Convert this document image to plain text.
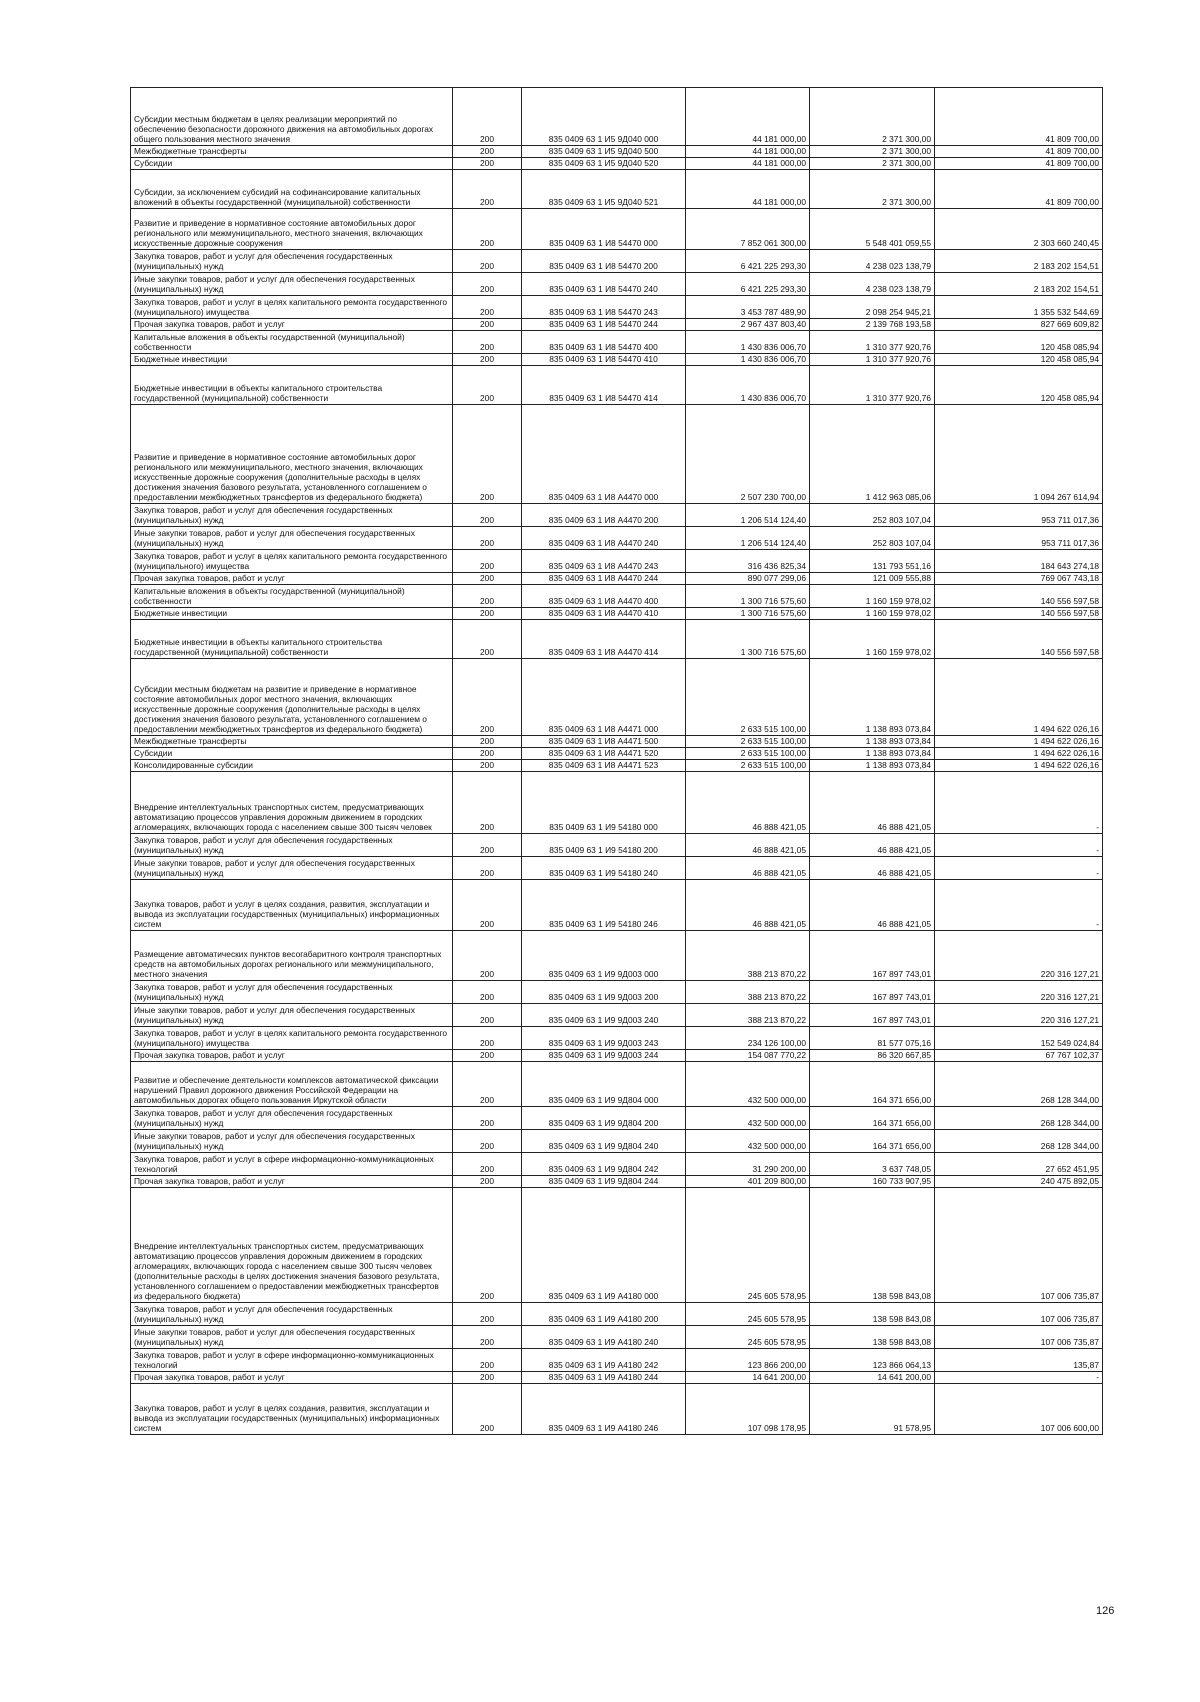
Субсидии местным бюджетам в целях реализации мероприятий по обеспечению безопасности дорожного движения на автомобильных дорогах общего пользования местного значения	200	835 0409 63 1 И5 9Д040 000	44 181 000,00	2 371 300,00	41 809 700,00
Межбюджетные трансферты	200	835 0409 63 1 И5 9Д040 500	44 181 000,00	2 371 300,00	41 809 700,00
Субсидии	200	835 0409 63 1 И5 9Д040 520	44 181 000,00	2 371 300,00	41 809 700,00
Субсидии, за исключением субсидий на софинансирование капитальных вложений в объекты государственной (муниципальной) собственности	200	835 0409 63 1 И5 9Д040 521	44 181 000,00	2 371 300,00	41 809 700,00
Развитие и приведение в нормативное состояние автомобильных дорог регионального или межмуниципального, местного значения, включающих искусственные дорожные сооружения	200	835 0409 63 1 И8 54470 000	7 852 061 300,00	5 548 401 059,55	2 303 660 240,45
Закупка товаров, работ и услуг для обеспечения государственных (муниципальных) нужд	200	835 0409 63 1 И8 54470 200	6 421 225 293,30	4 238 023 138,79	2 183 202 154,51
Иные закупки товаров, работ и услуг для обеспечения государственных (муниципальных) нужд	200	835 0409 63 1 И8 54470 240	6 421 225 293,30	4 238 023 138,79	2 183 202 154,51
Закупка товаров, работ и услуг в целях капитального ремонта государственного (муниципального) имущества	200	835 0409 63 1 И8 54470 243	3 453 787 489,90	2 098 254 945,21	1 355 532 544,69
Прочая закупка товаров, работ и услуг	200	835 0409 63 1 И8 54470 244	2 967 437 803,40	2 139 768 193,58	827 669 609,82
Капитальные вложения в объекты государственной (муниципальной) собственности	200	835 0409 63 1 И8 54470 400	1 430 836 006,70	1 310 377 920,76	120 458 085,94
Бюджетные инвестиции	200	835 0409 63 1 И8 54470 410	1 430 836 006,70	1 310 377 920,76	120 458 085,94
Бюджетные инвестиции в объекты капитального строительства государственной (муниципальной) собственности	200	835 0409 63 1 И8 54470 414	1 430 836 006,70	1 310 377 920,76	120 458 085,94
Развитие и приведение в нормативное состояние автомобильных дорог регионального или межмуниципального, местного значения, включающих искусственные дорожные сооружения (дополнительные расходы в целях достижения значения базового результата, установленного соглашением о предоставлении межбюджетных трансфертов из федерального бюджета)	200	835 0409 63 1 И8 А4470 000	2 507 230 700,00	1 412 963 085,06	1 094 267 614,94
Закупка товаров, работ и услуг для обеспечения государственных (муниципальных) нужд	200	835 0409 63 1 И8 А4470 200	1 206 514 124,40	252 803 107,04	953 711 017,36
Иные закупки товаров, работ и услуг для обеспечения государственных (муниципальных) нужд	200	835 0409 63 1 И8 А4470 240	1 206 514 124,40	252 803 107,04	953 711 017,36
Закупка товаров, работ и услуг в целях капитального ремонта государственного (муниципального) имущества	200	835 0409 63 1 И8 А4470 243	316 436 825,34	131 793 551,16	184 643 274,18
Прочая закупка товаров, работ и услуг	200	835 0409 63 1 И8 А4470 244	890 077 299,06	121 009 555,88	769 067 743,18
Капитальные вложения в объекты государственной (муниципальной) собственности	200	835 0409 63 1 И8 А4470 400	1 300 716 575,60	1 160 159 978,02	140 556 597,58
Бюджетные инвестиции	200	835 0409 63 1 И8 А4470 410	1 300 716 575,60	1 160 159 978,02	140 556 597,58
Бюджетные инвестиции в объекты капитального строительства государственной (муниципальной) собственности	200	835 0409 63 1 И8 А4470 414	1 300 716 575,60	1 160 159 978,02	140 556 597,58
Субсидии местным бюджетам на развитие и приведение в нормативное состояние автомобильных дорог местного значения, включающих искусственные дорожные сооружения (дополнительные расходы в целях достижения значения базового результата, установленного соглашением о предоставлении межбюджетных трансфертов из федерального бюджета)	200	835 0409 63 1 И8 А4471 000	2 633 515 100,00	1 138 893 073,84	1 494 622 026,16
Межбюджетные трансферты	200	835 0409 63 1 И8 А4471 500	2 633 515 100,00	1 138 893 073,84	1 494 622 026,16
Субсидии	200	835 0409 63 1 И8 А4471 520	2 633 515 100,00	1 138 893 073,84	1 494 622 026,16
Консолидированные субсидии	200	835 0409 63 1 И8 А4471 523	2 633 515 100,00	1 138 893 073,84	1 494 622 026,16
Внедрение интеллектуальных транспортных систем, предусматривающих автоматизацию процессов управления дорожным движением в городских агломерациях, включающих города с населением свыше 300 тысяч человек	200	835 0409 63 1 И9 54180 000	46 888 421,05	46 888 421,05	-
Закупка товаров, работ и услуг для обеспечения государственных (муниципальных) нужд	200	835 0409 63 1 И9 54180 200	46 888 421,05	46 888 421,05	-
Иные закупки товаров, работ и услуг для обеспечения государственных (муниципальных) нужд	200	835 0409 63 1 И9 54180 240	46 888 421,05	46 888 421,05	-
Закупка товаров, работ и услуг в целях создания, развития, эксплуатации и вывода из эксплуатации государственных (муниципальных) информационных систем	200	835 0409 63 1 И9 54180 246	46 888 421,05	46 888 421,05	-
Размещение автоматических пунктов весогабаритного контроля транспортных средств на автомобильных дорогах регионального или межмуниципального, местного значения	200	835 0409 63 1 И9 9Д003 000	388 213 870,22	167 897 743,01	220 316 127,21
Закупка товаров, работ и услуг для обеспечения государственных (муниципальных) нужд	200	835 0409 63 1 И9 9Д003 200	388 213 870,22	167 897 743,01	220 316 127,21
Иные закупки товаров, работ и услуг для обеспечения государственных (муниципальных) нужд	200	835 0409 63 1 И9 9Д003 240	388 213 870,22	167 897 743,01	220 316 127,21
Закупка товаров, работ и услуг в целях капитального ремонта государственного (муниципального) имущества	200	835 0409 63 1 И9 9Д003 243	234 126 100,00	81 577 075,16	152 549 024,84
Прочая закупка товаров, работ и услуг	200	835 0409 63 1 И9 9Д003 244	154 087 770,22	86 320 667,85	67 767 102,37
Развитие и обеспечение деятельности комплексов автоматической фиксации нарушений Правил дорожного движения Российской Федерации на автомобильных дорогах общего пользования Иркутской области	200	835 0409 63 1 И9 9Д804 000	432 500 000,00	164 371 656,00	268 128 344,00
Закупка товаров, работ и услуг для обеспечения государственных (муниципальных) нужд	200	835 0409 63 1 И9 9Д804 200	432 500 000,00	164 371 656,00	268 128 344,00
Иные закупки товаров, работ и услуг для обеспечения государственных (муниципальных) нужд	200	835 0409 63 1 И9 9Д804 240	432 500 000,00	164 371 656,00	268 128 344,00
Закупка товаров, работ и услуг в сфере информационно-коммуникационных технологий	200	835 0409 63 1 И9 9Д804 242	31 290 200,00	3 637 748,05	27 652 451,95
Прочая закупка товаров, работ и услуг	200	835 0409 63 1 И9 9Д804 244	401 209 800,00	160 733 907,95	240 475 892,05
Внедрение интеллектуальных транспортных систем, предусматривающих автоматизацию процессов управления дорожным движением в городских агломерациях, включающих города с населением свыше 300 тысяч человек (дополнительные расходы в целях достижения значения базового результата, установленного соглашением о предоставлении межбюджетных трансфертов из федерального бюджета)	200	835 0409 63 1 И9 А4180 000	245 605 578,95	138 598 843,08	107 006 735,87
Закупка товаров, работ и услуг для обеспечения государственных (муниципальных) нужд	200	835 0409 63 1 И9 А4180 200	245 605 578,95	138 598 843,08	107 006 735,87
Иные закупки товаров, работ и услуг для обеспечения государственных (муниципальных) нужд	200	835 0409 63 1 И9 А4180 240	245 605 578,95	138 598 843,08	107 006 735,87
Закупка товаров, работ и услуг в сфере информационно-коммуникационных технологий	200	835 0409 63 1 И9 А4180 242	123 866 200,00	123 866 064,13	135,87
Прочая закупка товаров, работ и услуг	200	835 0409 63 1 И9 А4180 244	14 641 200,00	14 641 200,00	-
Закупка товаров, работ и услуг в целях создания, развития, эксплуатации и вывода из эксплуатации государственных (муниципальных) информационных систем	200	835 0409 63 1 И9 А4180 246	107 098 178,95	91 578,95	107 006 600,00
126
